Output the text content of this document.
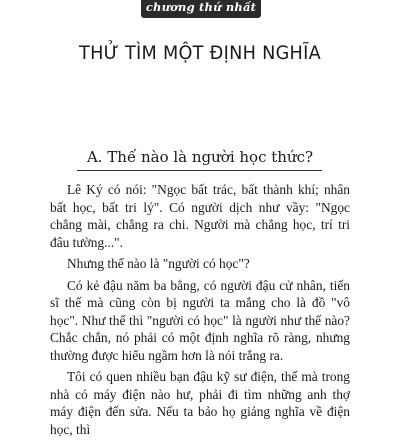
chương thứ nhất
THỬ TÌM MỘT ĐỊNH NGHĨA
A. Thế nào là người học thức?

Lê Ký có nói: "Ngọc bất trác, bất thành khí; nhân bất học, bất tri lý". Có người dịch như vầy: "Ngọc chẳng mài, chẳng ra chi. Người mà chẳng học, trí tri đâu tường...".

Nhưng thế nào là "người có học"?

Có kẻ đậu năm ba bằng, có người đậu cử nhân, tiến sĩ thế mà cũng còn bị người ta mắng cho là đồ "vô học". Như thế thì "người có học" là người như thế nào? Chắc chắn, nó phải có một định nghĩa rõ ràng, nhưng thường được hiểu ngầm hơn là nói trắng ra.

Tôi có quen nhiều bạn đậu kỹ sư điện, thế mà trong nhà có máy điện nào hư, phải đi tìm những anh thợ máy điện đến sửa. Nếu ta bảo họ giảng nghĩa về điện học, thì
